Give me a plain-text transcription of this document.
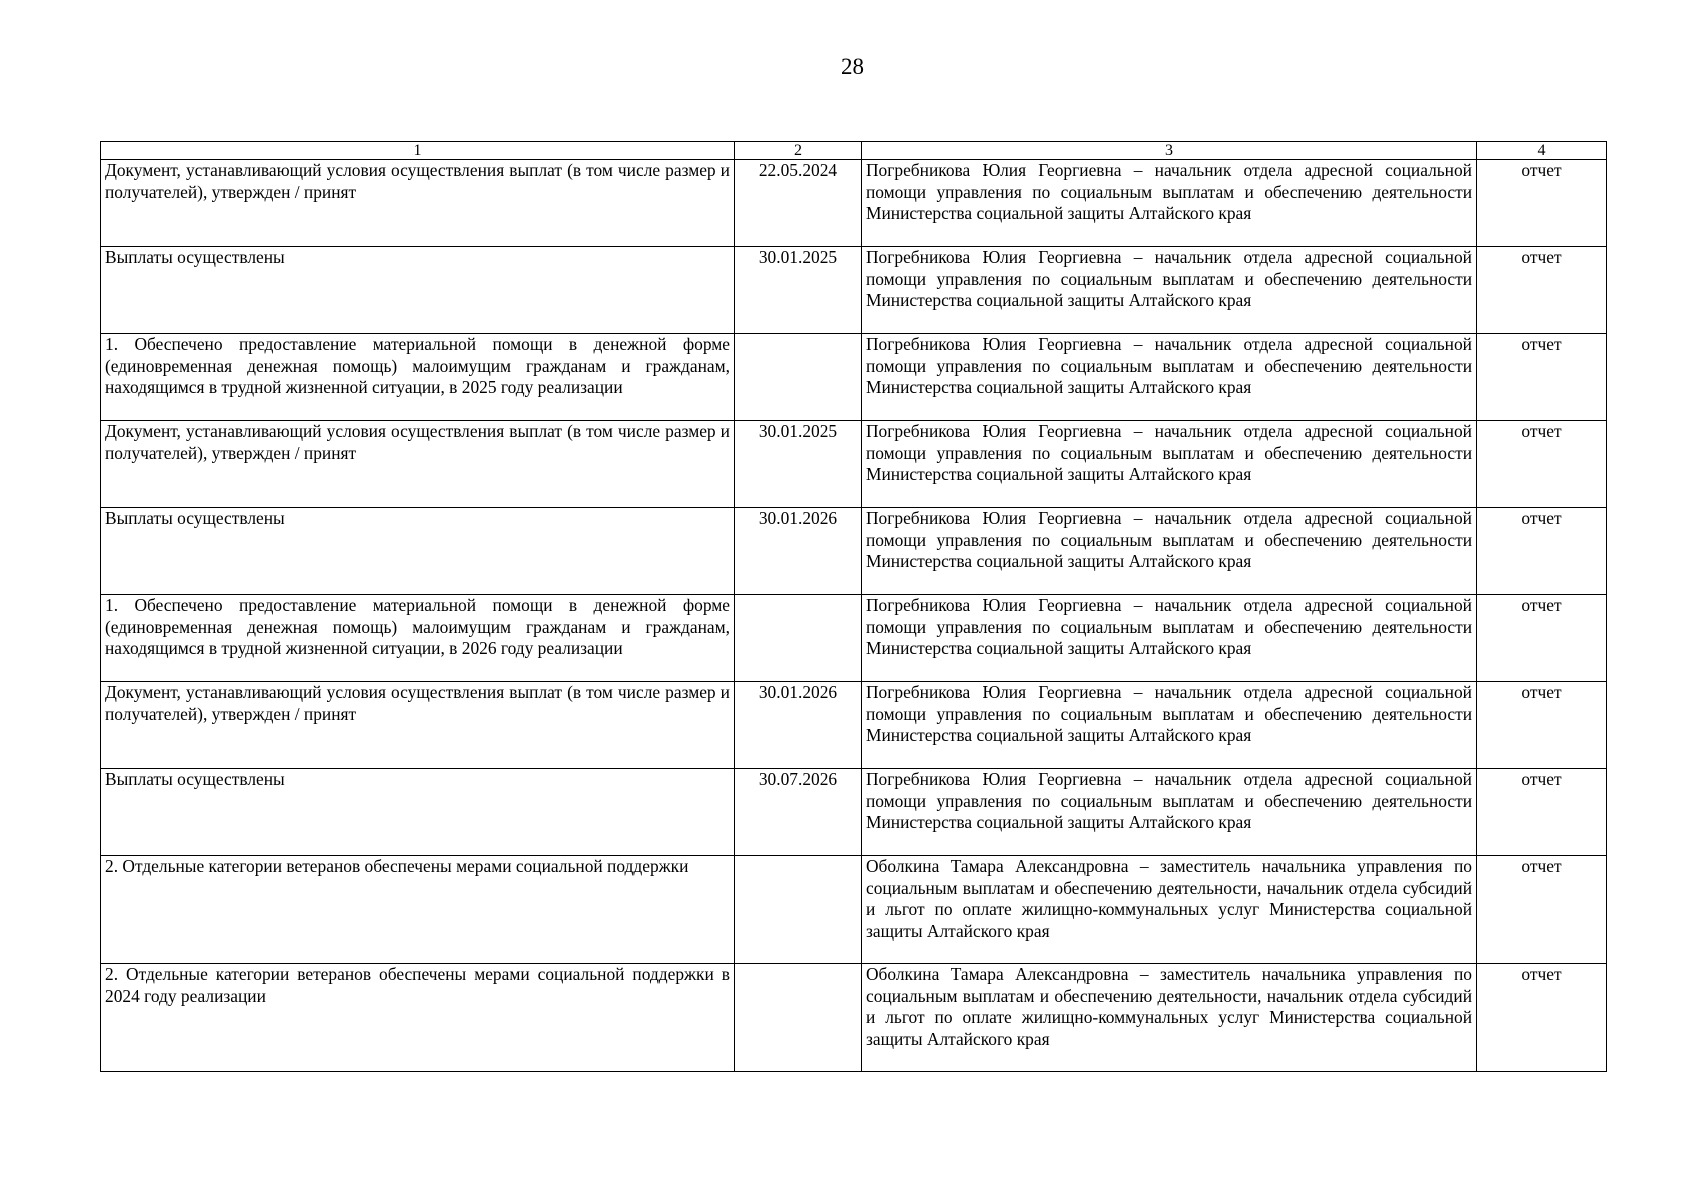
28
1	2	3	4
Документ, устанавливающий условия осуществления выплат (в том числе размер и получателей), утвержден / принят	22.05.2024	Погребникова Юлия Георгиевна – начальник отдела адресной социальной помощи управления по социальным выплатам и обеспечению деятельности Министерства социальной защиты Алтайского края	отчет
Выплаты осуществлены	30.01.2025	Погребникова Юлия Георгиевна – начальник отдела адресной социальной помощи управления по социальным выплатам и обеспечению деятельности Министерства социальной защиты Алтайского края	отчет
1. Обеспечено предоставление материальной помощи в денежной форме (единовременная денежная помощь) малоимущим гражданам и гражданам, находящимся в трудной жизненной ситуации, в 2025 году реализации		Погребникова Юлия Георгиевна – начальник отдела адресной социальной помощи управления по социальным выплатам и обеспечению деятельности Министерства социальной защиты Алтайского края	отчет
Документ, устанавливающий условия осуществления выплат (в том числе размер и получателей), утвержден / принят	30.01.2025	Погребникова Юлия Георгиевна – начальник отдела адресной социальной помощи управления по социальным выплатам и обеспечению деятельности Министерства социальной защиты Алтайского края	отчет
Выплаты осуществлены	30.01.2026	Погребникова Юлия Георгиевна – начальник отдела адресной социальной помощи управления по социальным выплатам и обеспечению деятельности Министерства социальной защиты Алтайского края	отчет
1. Обеспечено предоставление материальной помощи в денежной форме (единовременная денежная помощь) малоимущим гражданам и гражданам, находящимся в трудной жизненной ситуации, в 2026 году реализации		Погребникова Юлия Георгиевна – начальник отдела адресной социальной помощи управления по социальным выплатам и обеспечению деятельности Министерства социальной защиты Алтайского края	отчет
Документ, устанавливающий условия осуществления выплат (в том числе размер и получателей), утвержден / принят	30.01.2026	Погребникова Юлия Георгиевна – начальник отдела адресной социальной помощи управления по социальным выплатам и обеспечению деятельности Министерства социальной защиты Алтайского края	отчет
Выплаты осуществлены	30.07.2026	Погребникова Юлия Георгиевна – начальник отдела адресной социальной помощи управления по социальным выплатам и обеспечению деятельности Министерства социальной защиты Алтайского края	отчет
2. Отдельные категории ветеранов обеспечены мерами социальной поддержки		Оболкина Тамара Александровна – заместитель начальника управления по социальным выплатам и обеспечению деятельности, начальник отдела субсидий и льгот по оплате жилищно-коммунальных услуг Министерства социальной защиты Алтайского края	отчет
2. Отдельные категории ветеранов обеспечены мерами социальной поддержки в 2024 году реализации		Оболкина Тамара Александровна – заместитель начальника управления по социальным выплатам и обеспечению деятельности, начальник отдела субсидий и льгот по оплате жилищно-коммунальных услуг Министерства социальной защиты Алтайского края	отчет
